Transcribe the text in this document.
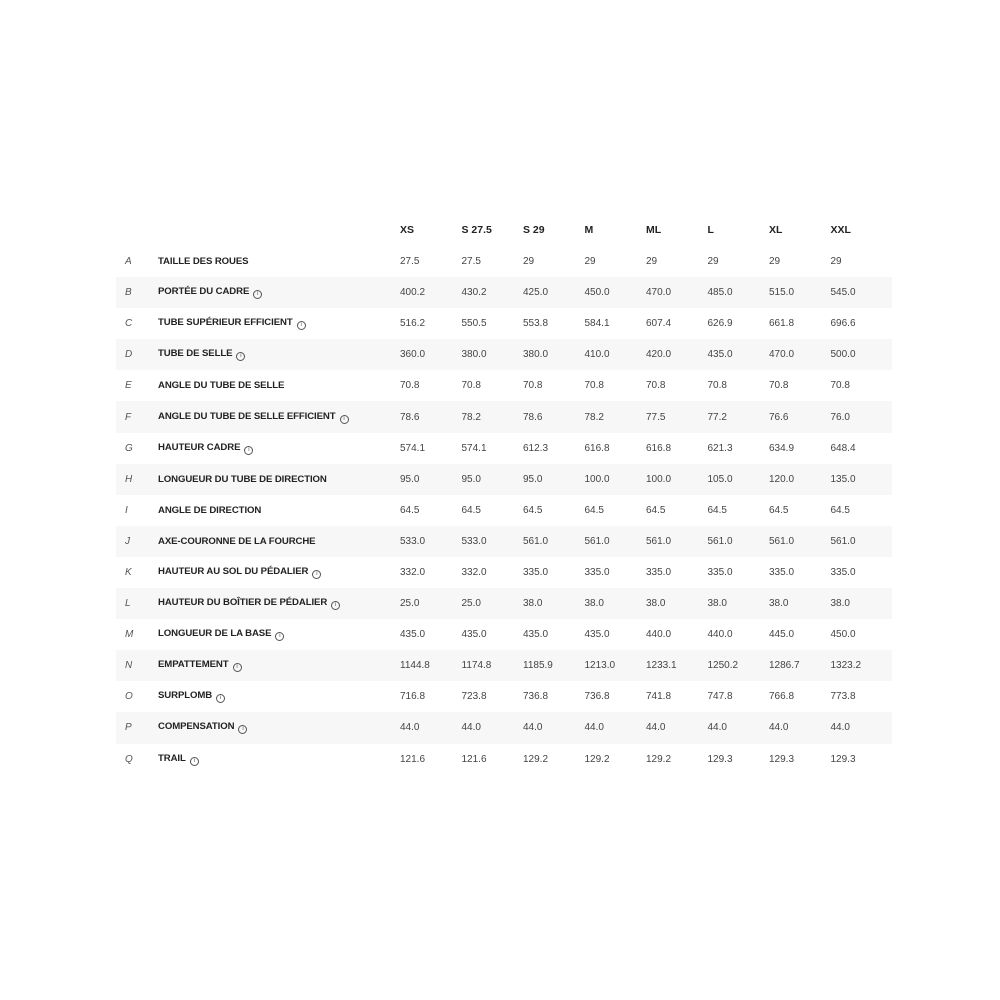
		XS	S 27.5	S 29	M	ML	L	XL	XXL
A	TAILLE DES ROUES	27.5	27.5	29	29	29	29	29	29
B	PORTÉE DU CADRE i	400.2	430.2	425.0	450.0	470.0	485.0	515.0	545.0
C	TUBE SUPÉRIEUR EFFICIENT i	516.2	550.5	553.8	584.1	607.4	626.9	661.8	696.6
D	TUBE DE SELLE i	360.0	380.0	380.0	410.0	420.0	435.0	470.0	500.0
E	ANGLE DU TUBE DE SELLE	70.8	70.8	70.8	70.8	70.8	70.8	70.8	70.8
F	ANGLE DU TUBE DE SELLE EFFICIENT i	78.6	78.2	78.6	78.2	77.5	77.2	76.6	76.0
G	HAUTEUR CADRE i	574.1	574.1	612.3	616.8	616.8	621.3	634.9	648.4
H	LONGUEUR DU TUBE DE DIRECTION	95.0	95.0	95.0	100.0	100.0	105.0	120.0	135.0
I	ANGLE DE DIRECTION	64.5	64.5	64.5	64.5	64.5	64.5	64.5	64.5
J	AXE-COURONNE DE LA FOURCHE	533.0	533.0	561.0	561.0	561.0	561.0	561.0	561.0
K	HAUTEUR AU SOL DU PÉDALIER i	332.0	332.0	335.0	335.0	335.0	335.0	335.0	335.0
L	HAUTEUR DU BOÎTIER DE PÉDALIER i	25.0	25.0	38.0	38.0	38.0	38.0	38.0	38.0
M	LONGUEUR DE LA BASE i	435.0	435.0	435.0	435.0	440.0	440.0	445.0	450.0
N	EMPATTEMENT i	1144.8	1174.8	1185.9	1213.0	1233.1	1250.2	1286.7	1323.2
O	SURPLOMB i	716.8	723.8	736.8	736.8	741.8	747.8	766.8	773.8
P	COMPENSATION i	44.0	44.0	44.0	44.0	44.0	44.0	44.0	44.0
Q	TRAIL i	121.6	121.6	129.2	129.2	129.2	129.3	129.3	129.3
